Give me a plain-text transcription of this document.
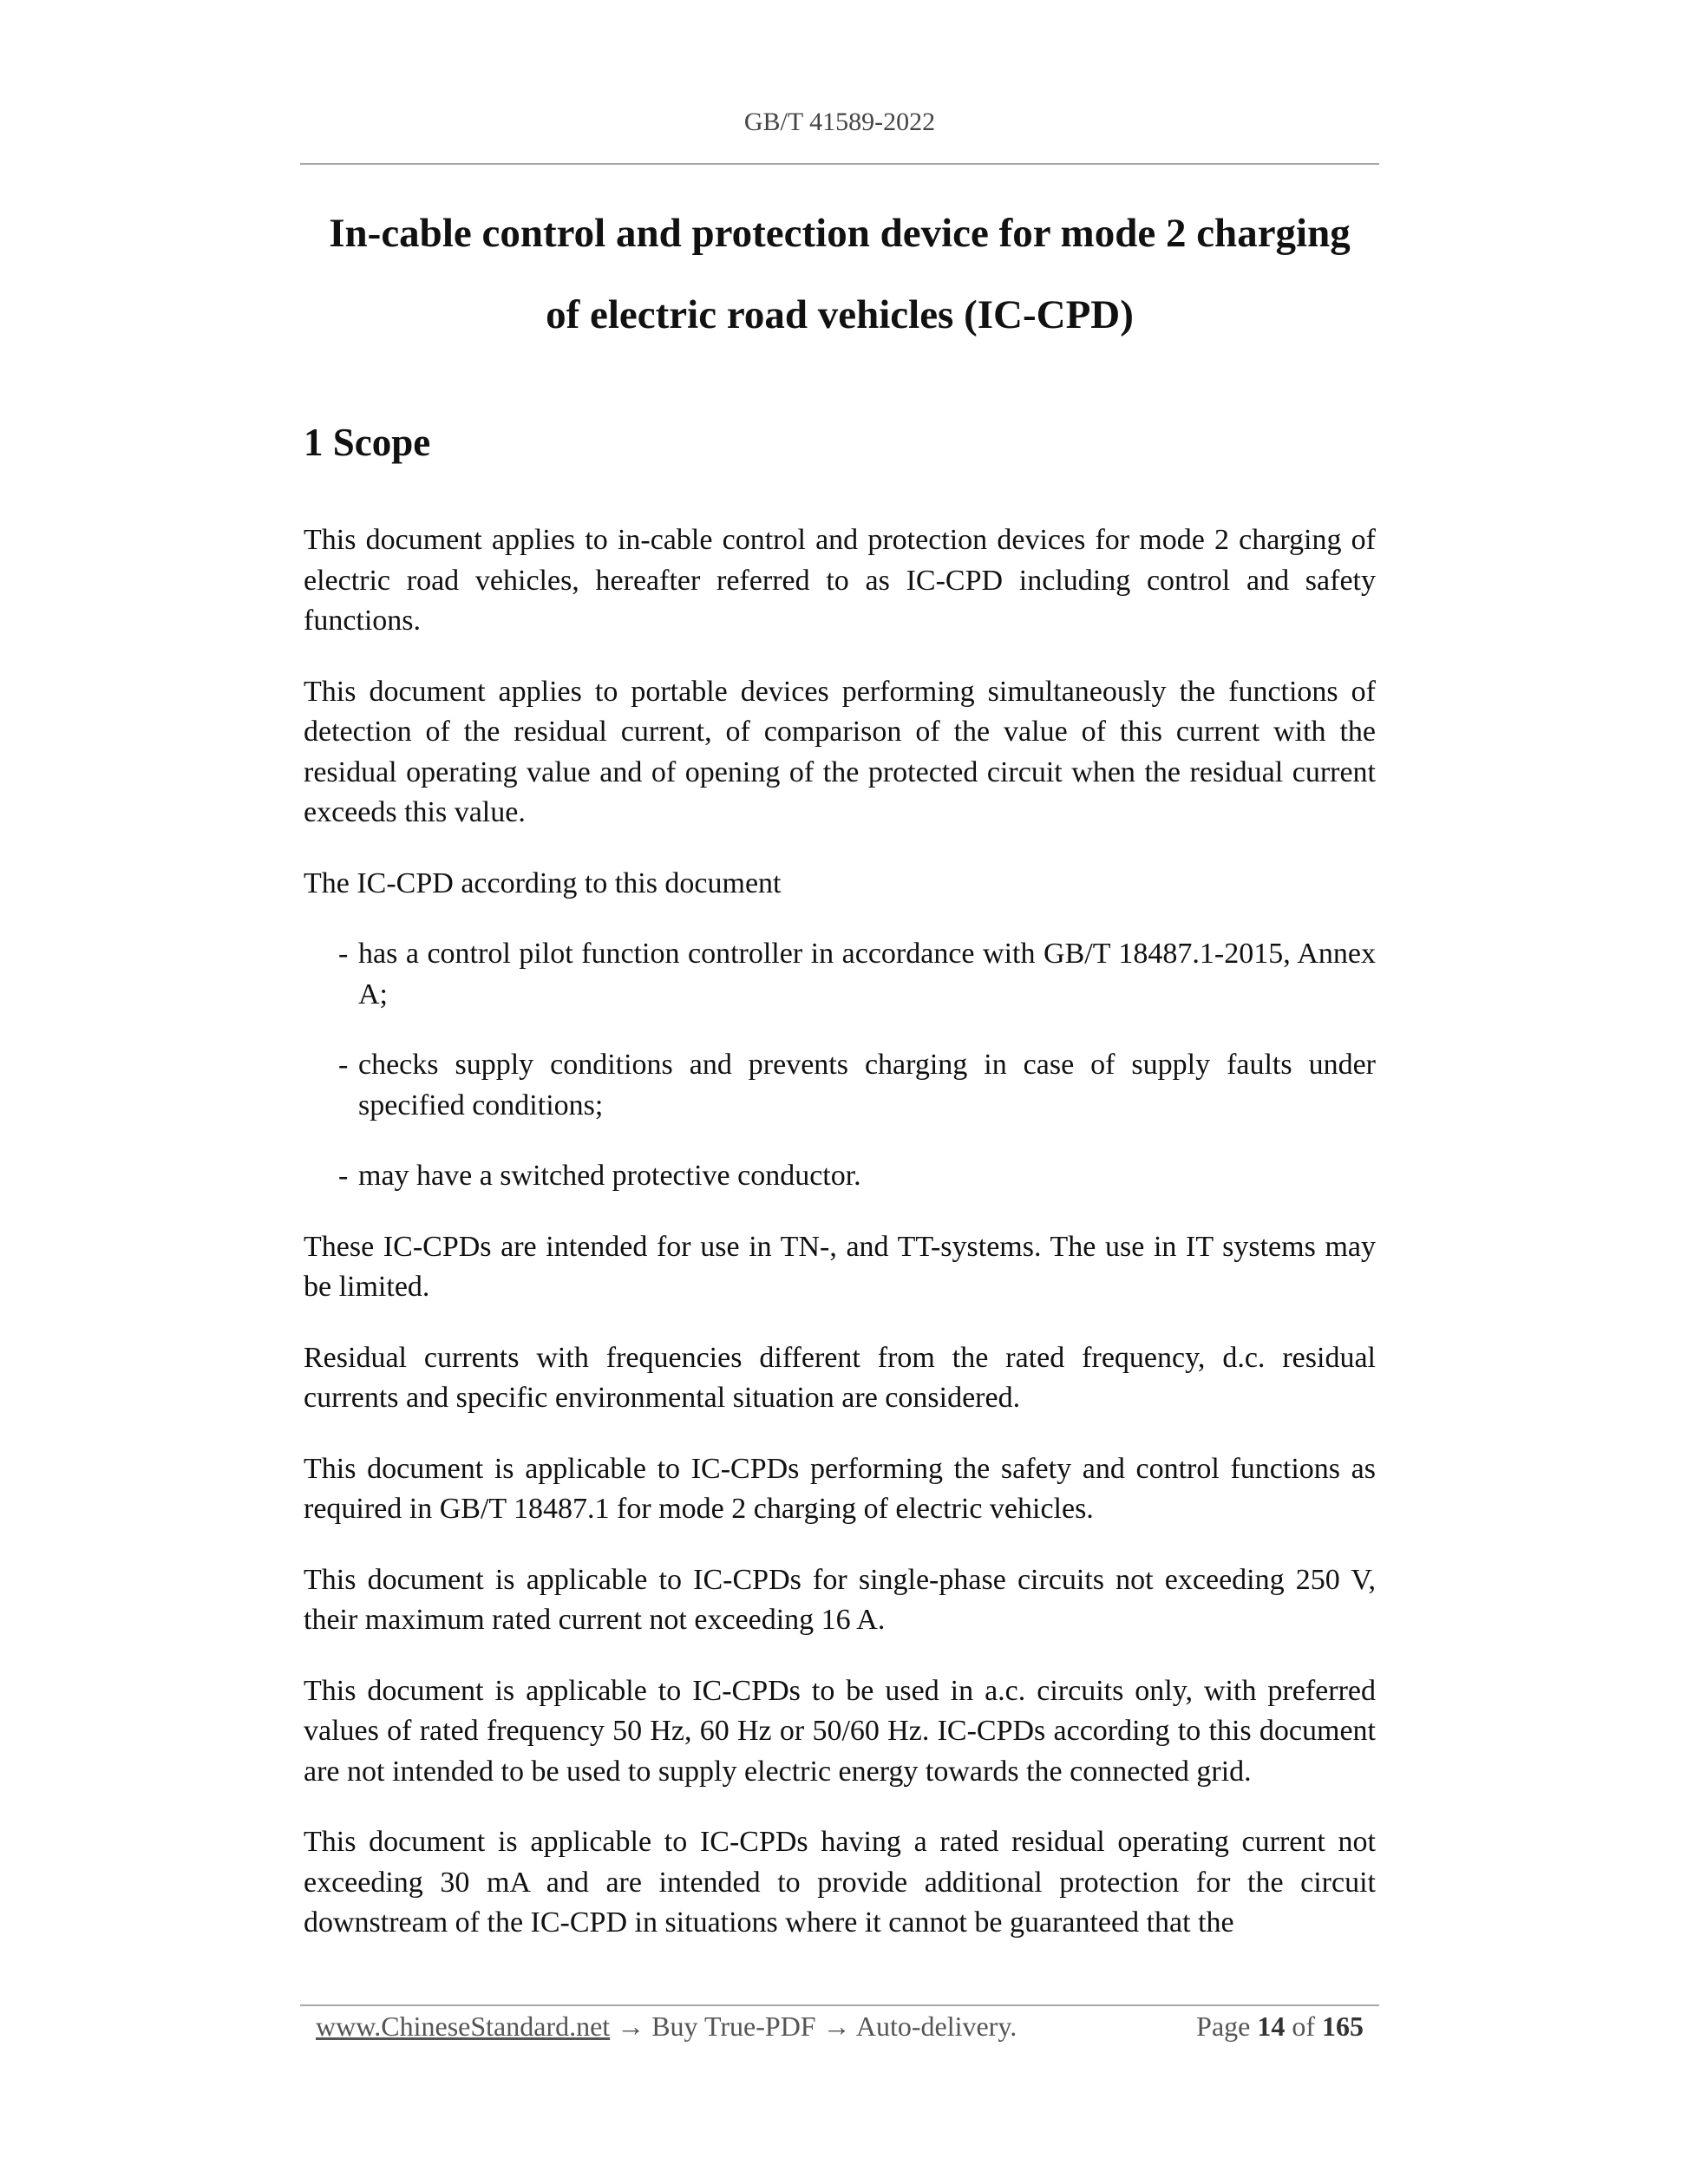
GB/T 41589-2022
In-cable control and protection device for mode 2 charging
of electric road vehicles (IC-CPD)
1 Scope

This document applies to in-cable control and protection devices for mode 2 charging of electric road vehicles, hereafter referred to as IC-CPD including control and safety functions.

This document applies to portable devices performing simultaneously the functions of detection of the residual current, of comparison of the value of this current with the residual operating value and of opening of the protected circuit when the residual current exceeds this value.

The IC-CPD according to this document

- has a control pilot function controller in accordance with GB/T 18487.1-2015, Annex A;
- checks supply conditions and prevents charging in case of supply faults under specified conditions;
- may have a switched protective conductor.

These IC-CPDs are intended for use in TN-, and TT-systems. The use in IT systems may be limited.

Residual currents with frequencies different from the rated frequency, d.c. residual currents and specific environmental situation are considered.

This document is applicable to IC-CPDs performing the safety and control functions as required in GB/T 18487.1 for mode 2 charging of electric vehicles.

This document is applicable to IC-CPDs for single-phase circuits not exceeding 250 V, their maximum rated current not exceeding 16 A.

This document is applicable to IC-CPDs to be used in a.c. circuits only, with preferred values of rated frequency 50 Hz, 60 Hz or 50/60 Hz. IC-CPDs according to this document are not intended to be used to supply electric energy towards the connected grid.

This document is applicable to IC-CPDs having a rated residual operating current not exceeding 30 mA and are intended to provide additional protection for the circuit downstream of the IC-CPD in situations where it cannot be guaranteed that the

www.ChineseStandard.net → Buy True-PDF → Auto-delivery.	Page 14 of 165
